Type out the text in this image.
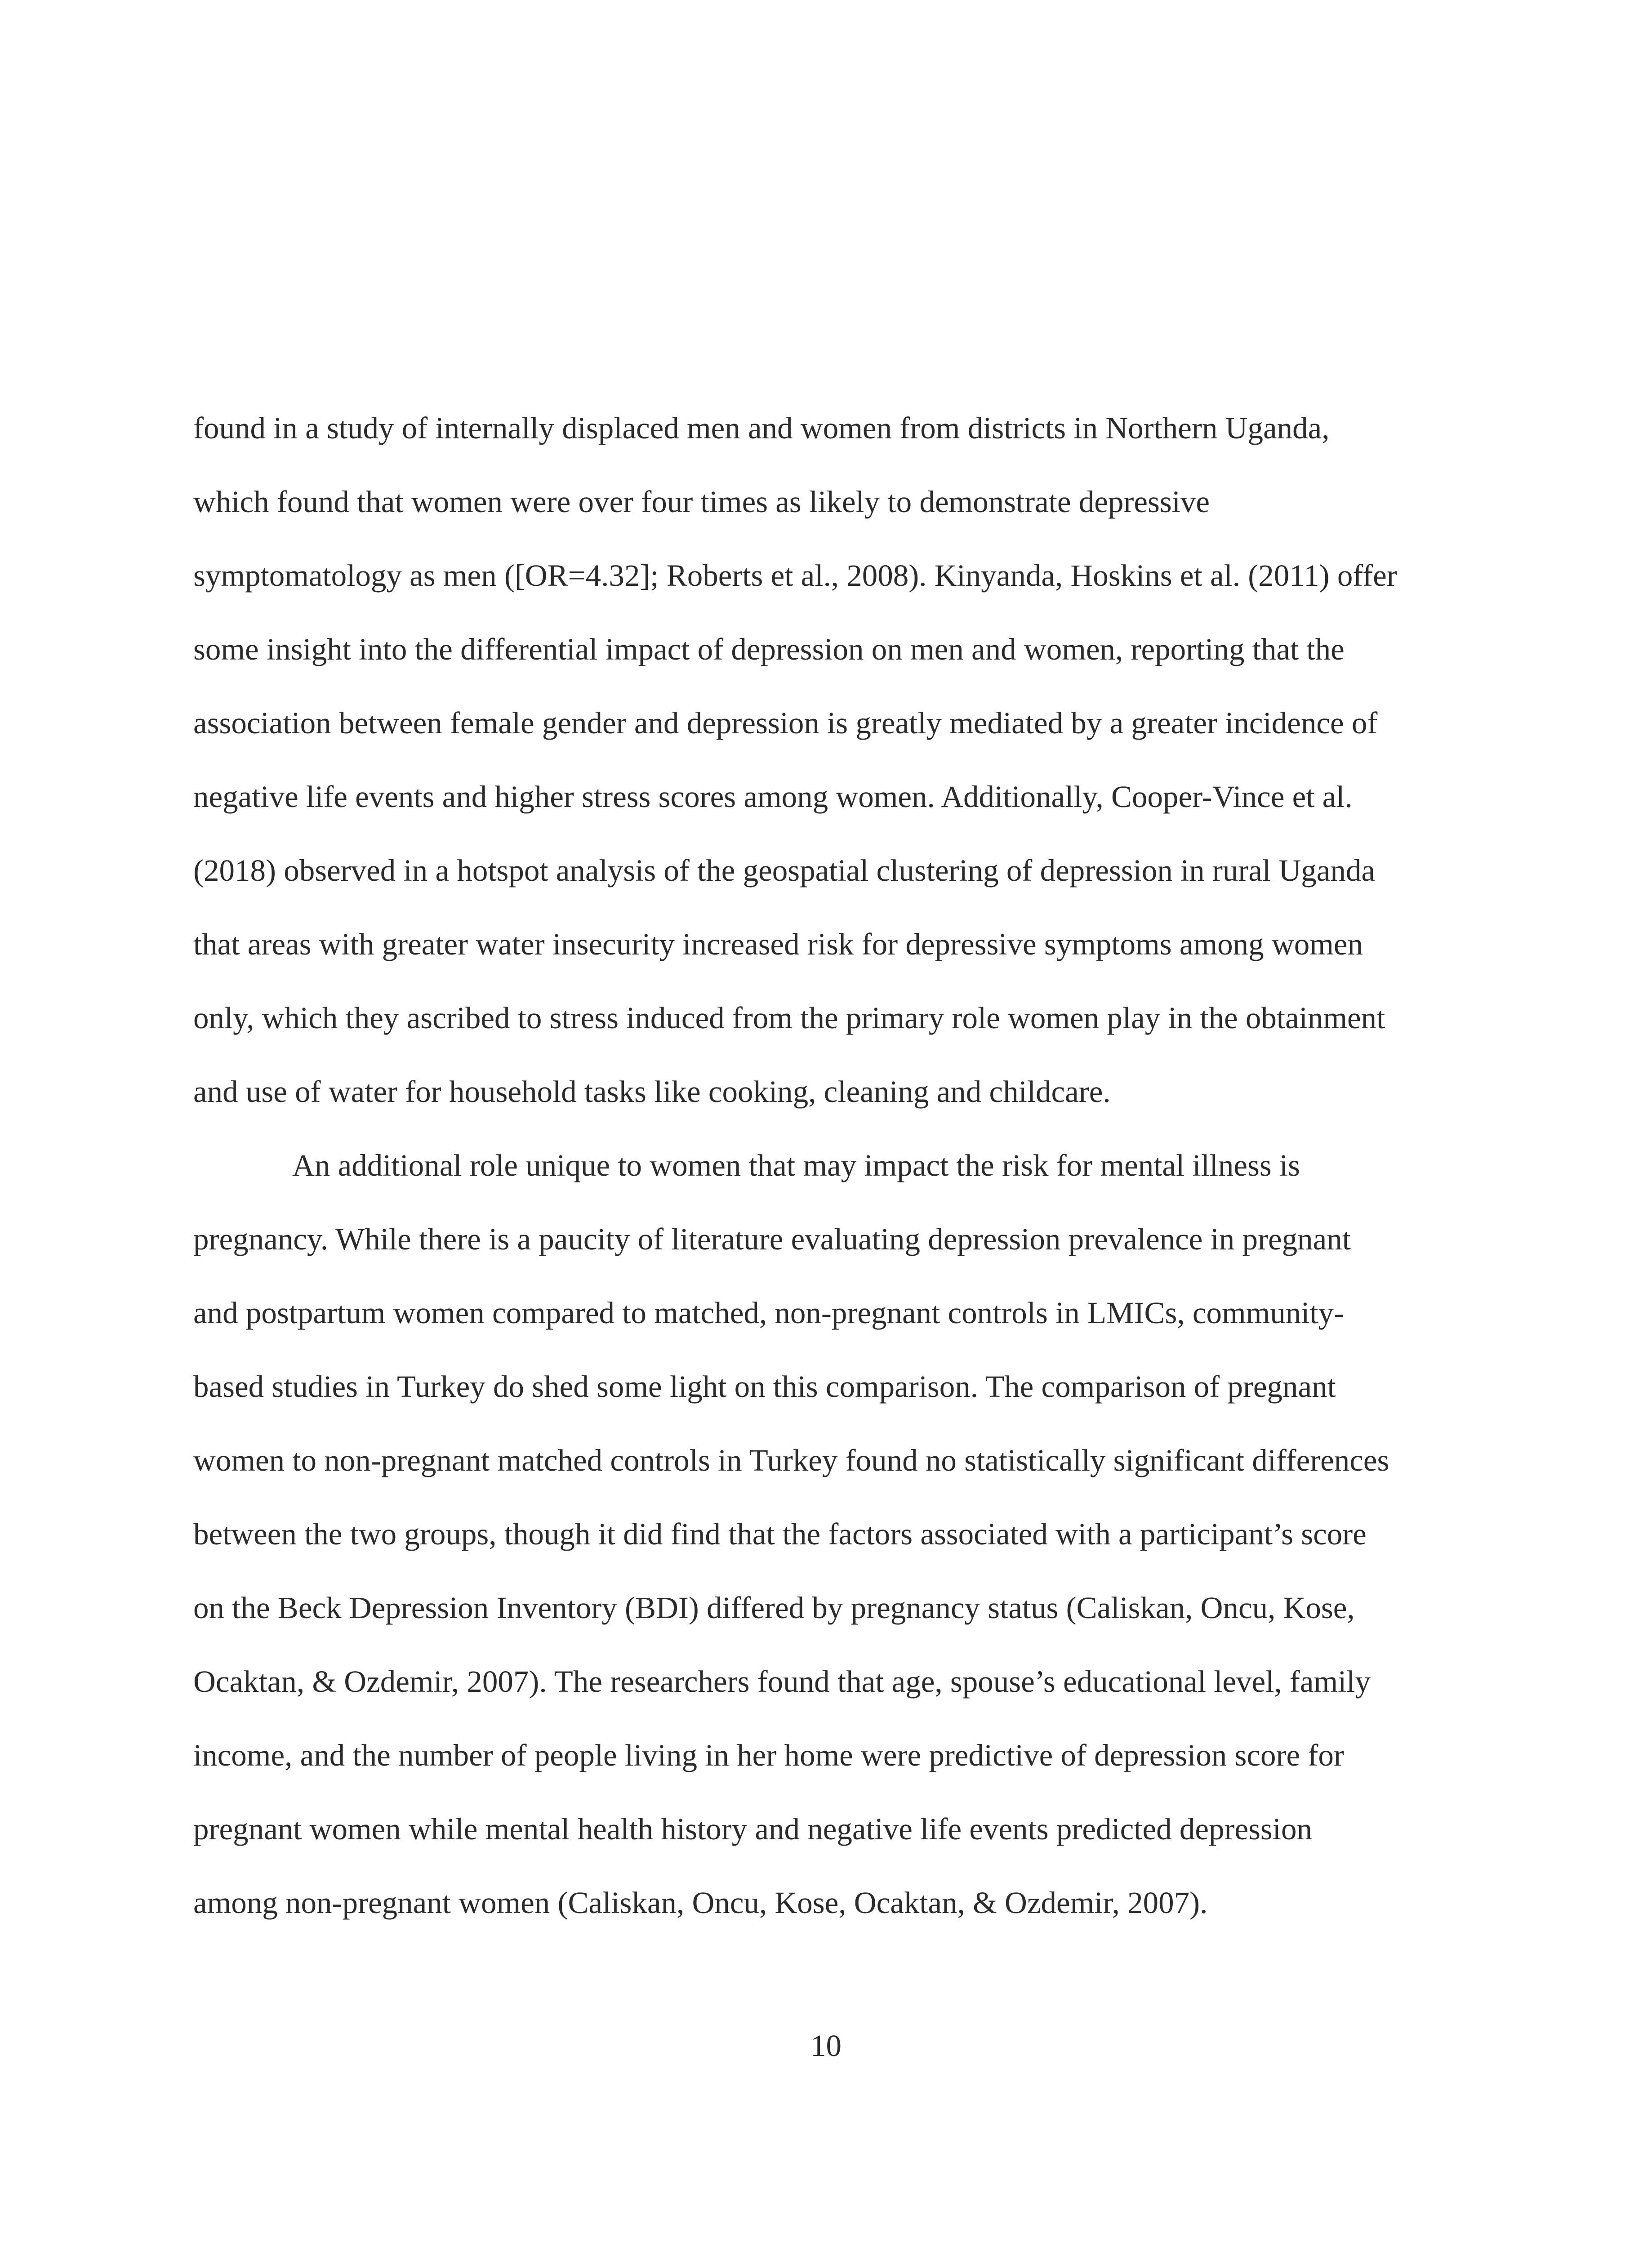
found in a study of internally displaced men and women from districts in Northern Uganda,
which found that women were over four times as likely to demonstrate depressive
symptomatology as men ([OR=4.32]; Roberts et al., 2008). Kinyanda, Hoskins et al. (2011) offer
some insight into the differential impact of depression on men and women, reporting that the
association between female gender and depression is greatly mediated by a greater incidence of
negative life events and higher stress scores among women. Additionally, Cooper-Vince et al.
(2018) observed in a hotspot analysis of the geospatial clustering of depression in rural Uganda
that areas with greater water insecurity increased risk for depressive symptoms among women
only, which they ascribed to stress induced from the primary role women play in the obtainment
and use of water for household tasks like cooking, cleaning and childcare.

An additional role unique to women that may impact the risk for mental illness is
pregnancy. While there is a paucity of literature evaluating depression prevalence in pregnant
and postpartum women compared to matched, non-pregnant controls in LMICs, community-
based studies in Turkey do shed some light on this comparison. The comparison of pregnant
women to non-pregnant matched controls in Turkey found no statistically significant differences
between the two groups, though it did find that the factors associated with a participant’s score
on the Beck Depression Inventory (BDI) differed by pregnancy status (Caliskan, Oncu, Kose,
Ocaktan, & Ozdemir, 2007). The researchers found that age, spouse’s educational level, family
income, and the number of people living in her home were predictive of depression score for
pregnant women while mental health history and negative life events predicted depression
among non-pregnant women (Caliskan, Oncu, Kose, Ocaktan, & Ozdemir, 2007).

10
